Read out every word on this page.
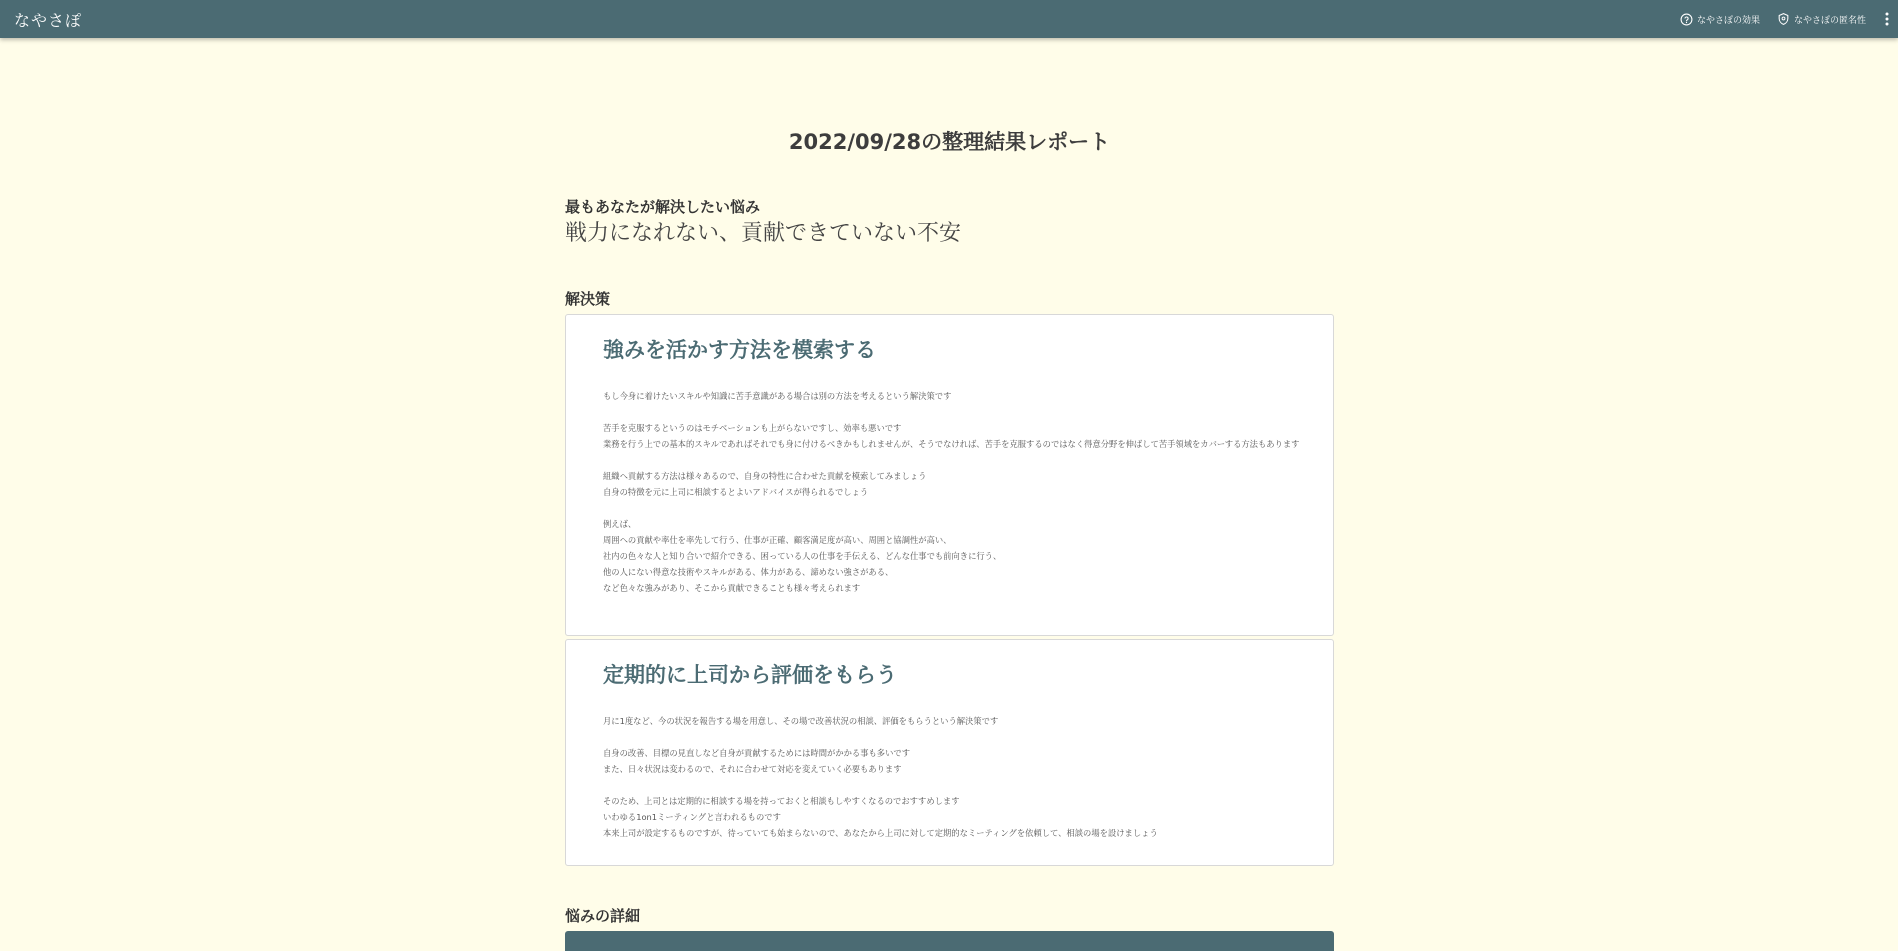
なやさぽ	なやさぽの効果	なやさぽの匿名性
2022/09/28の整理結果レポート
最もあなたが解決したい悩み
戦力になれない、貢献できていない不安
解決策
強みを活かす方法を模索する

もし今身に着けたいスキルや知識に苦手意識がある場合は別の方法を考えるという解決策です

苦手を克服するというのはモチベーションも上がらないですし、効率も悪いです
業務を行う上での基本的スキルであればそれでも身に付けるべきかもしれませんが、そうでなければ、苦手を克服するのではなく得意分野を伸ばして苦手領域をカバーする方法もあります

組織へ貢献する方法は様々あるので、自身の特性に合わせた貢献を模索してみましょう
自身の特徴を元に上司に相談するとよいアドバイスが得られるでしょう

例えば、
周囲への貢献や率仕を率先して行う、仕事が正確、顧客満足度が高い、周囲と協調性が高い、
社内の色々な人と知り合いで紹介できる、困っている人の仕事を手伝える、どんな仕事でも前向きに行う、
他の人にない得意な技術やスキルがある、体力がある、諦めない強さがある、
など色々な強みがあり、そこから貢献できることも様々考えられます

定期的に上司から評価をもらう

月に1度など、今の状況を報告する場を用意し、その場で改善状況の相談、評価をもらうという解決策です

自身の改善、目標の見直しなど自身が貢献するためには時間がかかる事も多いです
また、日々状況は変わるので、それに合わせて対応を変えていく必要もあります

そのため、上司とは定期的に相談する場を持っておくと相談もしやすくなるのでおすすめします
いわゆる1on1ミーティングと言われるものです
本来上司が設定するものですが、待っていても始まらないので、あなたから上司に対して定期的なミーティングを依頼して、相談の場を設けましょう

悩みの詳細
